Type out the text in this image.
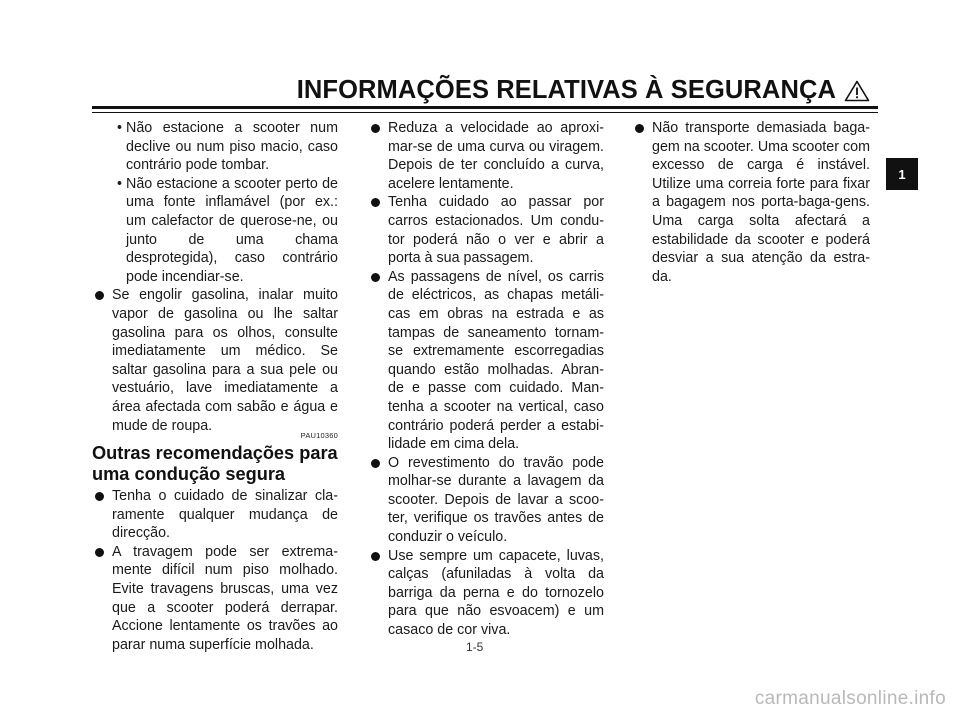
INFORMAÇÕES RELATIVAS À SEGURANÇA
1
• Não estacione a scooter num declive ou num piso macio, caso contrário pode tombar.
• Não estacione a scooter perto de uma fonte inflamável (por ex.: um calefactor de querose-ne, ou junto de uma chama desprotegida), caso contrário pode incendiar-se.
Se engolir gasolina, inalar muito vapor de gasolina ou lhe saltar gasolina para os olhos, consulte imediatamente um médico. Se saltar gasolina para a sua pele ou vestuário, lave imediatamente a área afectada com sabão e água e mude de roupa.
PAU10360
Outras recomendações para uma condução segura
Tenha o cuidado de sinalizar cla-ramente qualquer mudança de direcção.
A travagem pode ser extrema-mente difícil num piso molhado. Evite travagens bruscas, uma vez que a scooter poderá derrapar. Accione lentamente os travões ao parar numa superfície molhada.
Reduza a velocidade ao aproxi-mar-se de uma curva ou viragem. Depois de ter concluído a curva, acelere lentamente.
Tenha cuidado ao passar por carros estacionados. Um condu-tor poderá não o ver e abrir a porta à sua passagem.
As passagens de nível, os carris de eléctricos, as chapas metáli-cas em obras na estrada e as tampas de saneamento tornam-se extremamente escorregadias quando estão molhadas. Abran-de e passe com cuidado. Man-tenha a scooter na vertical, caso contrário poderá perder a estabi-lidade em cima dela.
O revestimento do travão pode molhar-se durante a lavagem da scooter. Depois de lavar a scoo-ter, verifique os travões antes de conduzir o veículo.
Use sempre um capacete, luvas, calças (afuniladas à volta da barriga da perna e do tornozelo para que não esvoacem) e um casaco de cor viva.
Não transporte demasiada baga-gem na scooter. Uma scooter com excesso de carga é instável. Utilize uma correia forte para fixar a bagagem nos porta-baga-gens. Uma carga solta afectará a estabilidade da scooter e poderá desviar a sua atenção da estra-da.
1-5
carmanualsonline.info
